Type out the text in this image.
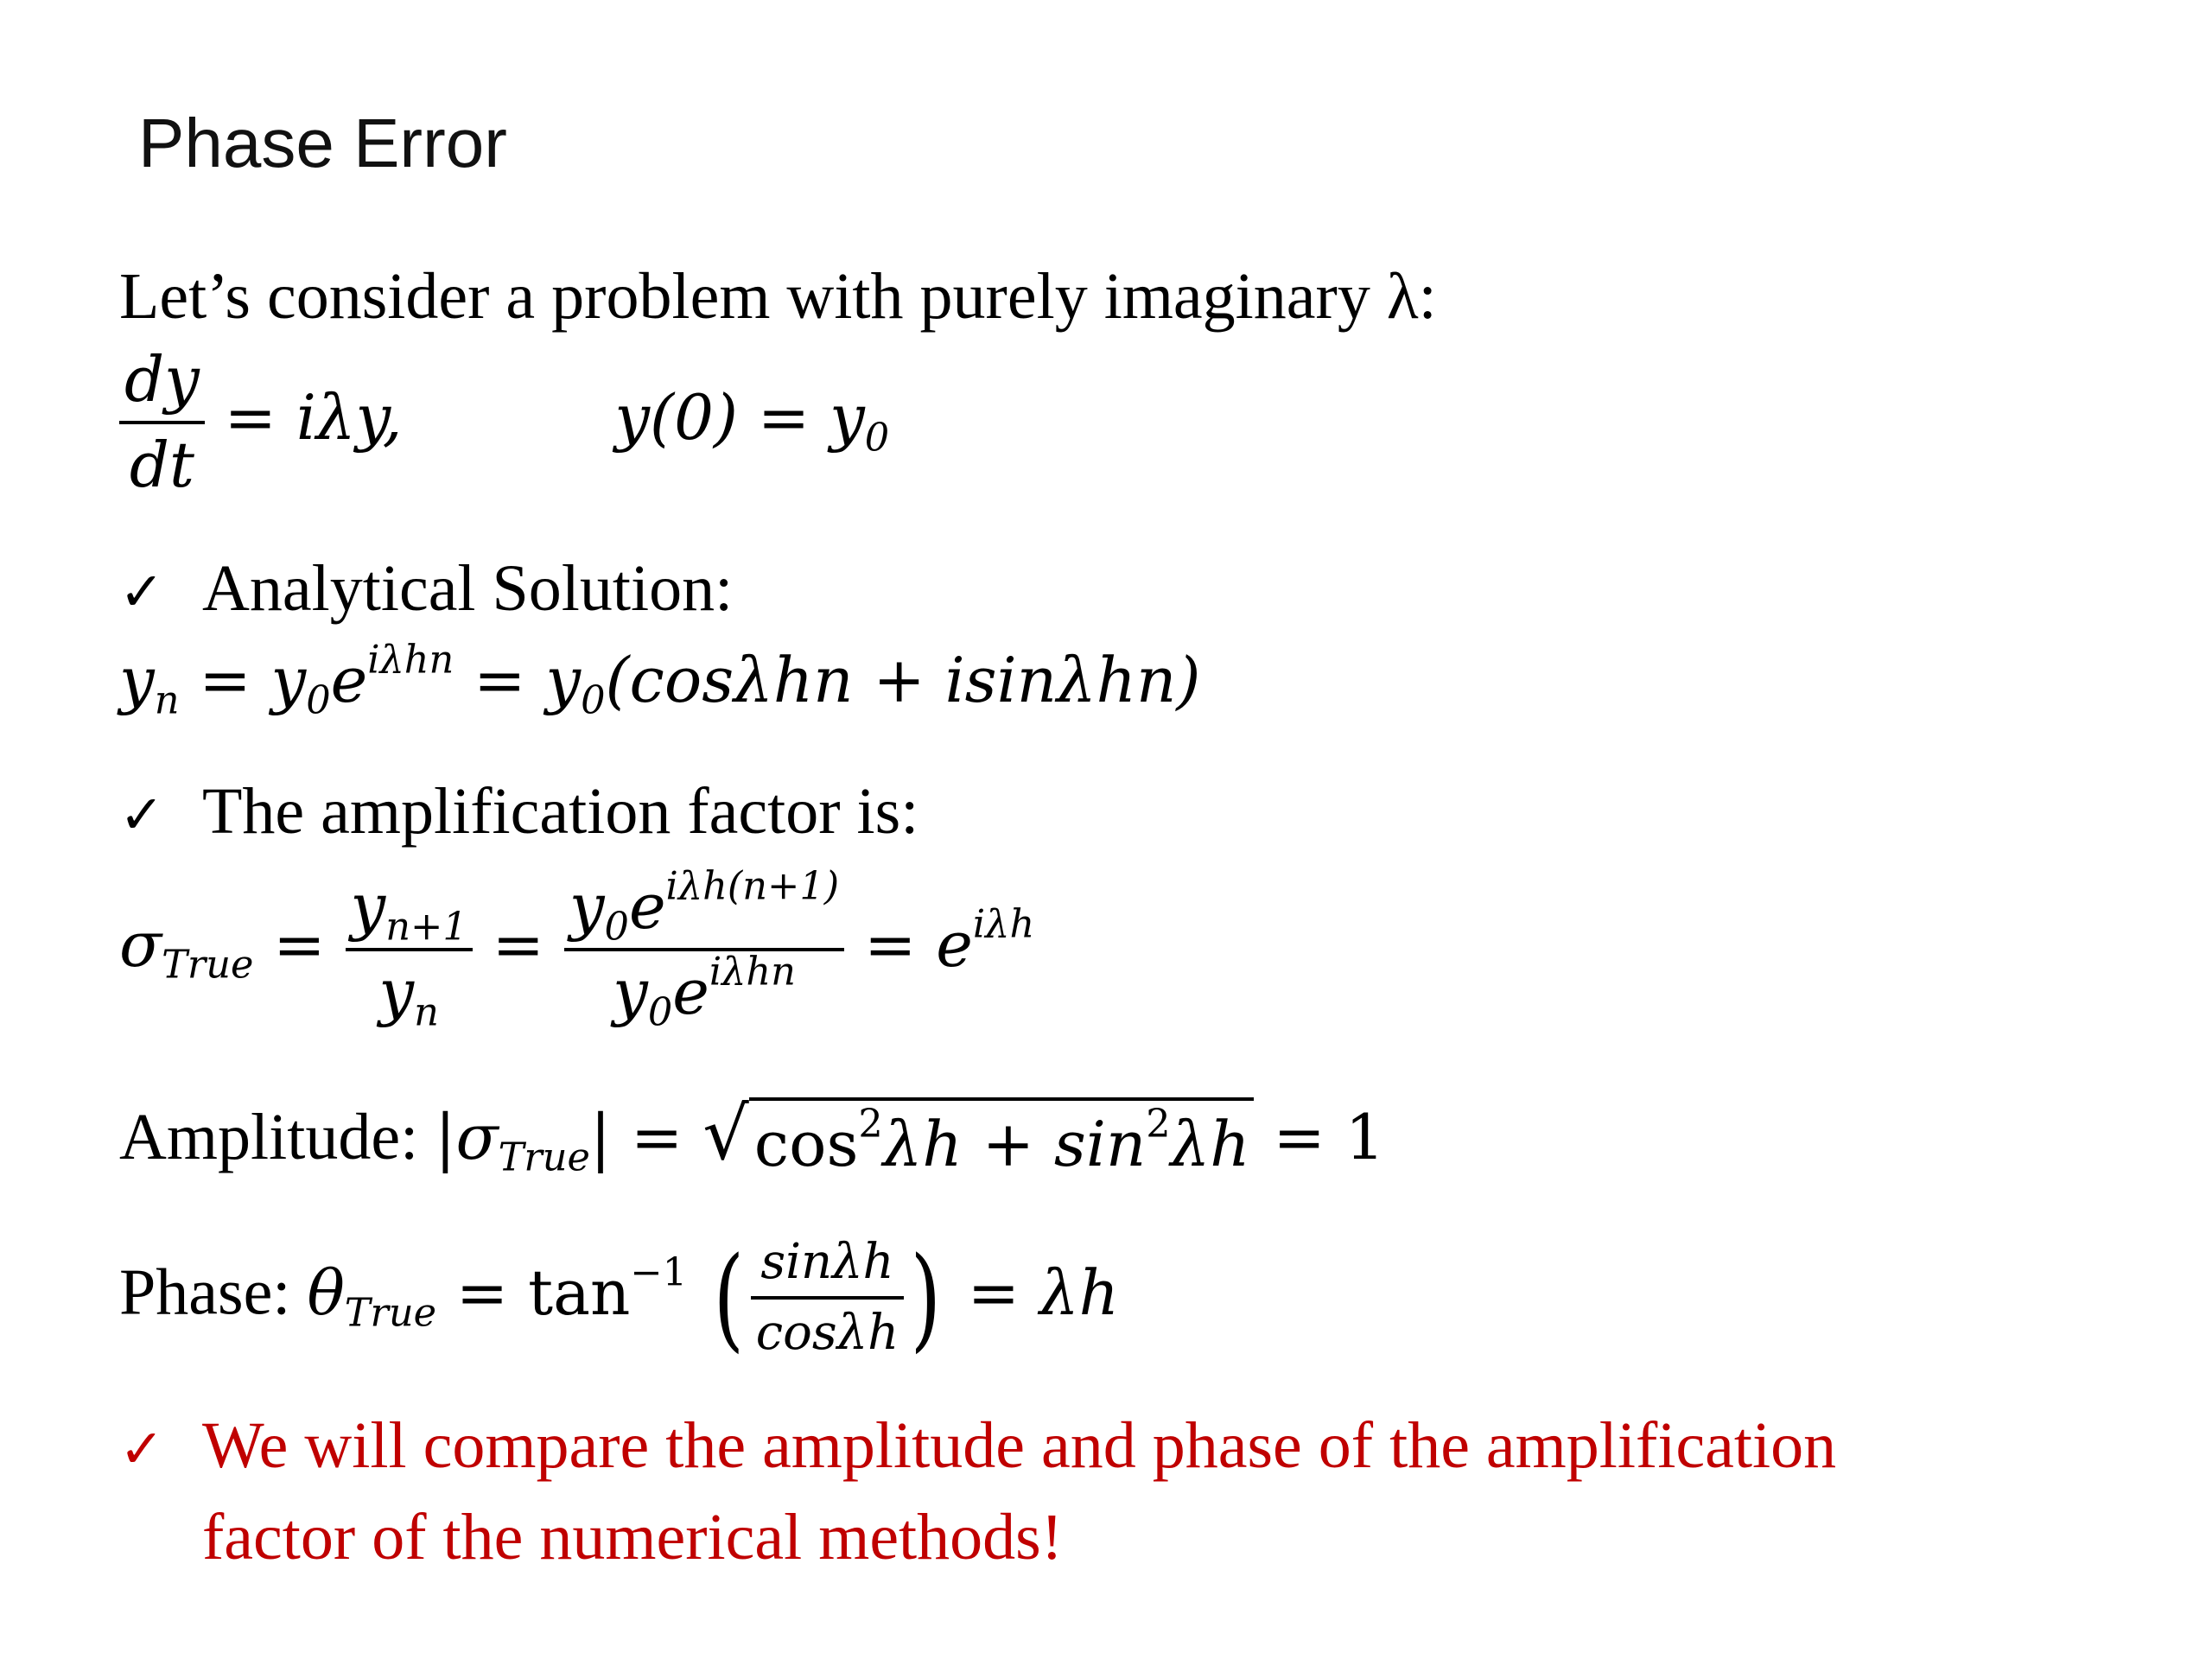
Phase Error
Let’s consider a problem with purely imaginary λ:
$\frac{dy}{dt} = i\lambda y$,	$y(0) = y_0$
✓ Analytical Solution:
$y_n = y_0e^{i\lambda hn} = y_0(\cos\lambda hn + isin\lambda hn)$
✓ The amplification factor is:
$\sigma_{True} = \frac{y_{n+1}}{y_n} = \frac{y_0e^{i\lambda h(n+1)}}{y_0e^{i\lambda hn}} = e^{i\lambda h}$
Amplitude: $|\sigma_{True}|$ = √ $\cos^2\lambda h + \sin^2\lambda h = 1$
Phase: $\theta_{True} = \tan^{-1}$ ( $\frac{\sin\lambda h}{\cos\lambda h}$ ) = λh
✓ We will compare the amplitude and phase of the amplification
factor of the numerical methods!
